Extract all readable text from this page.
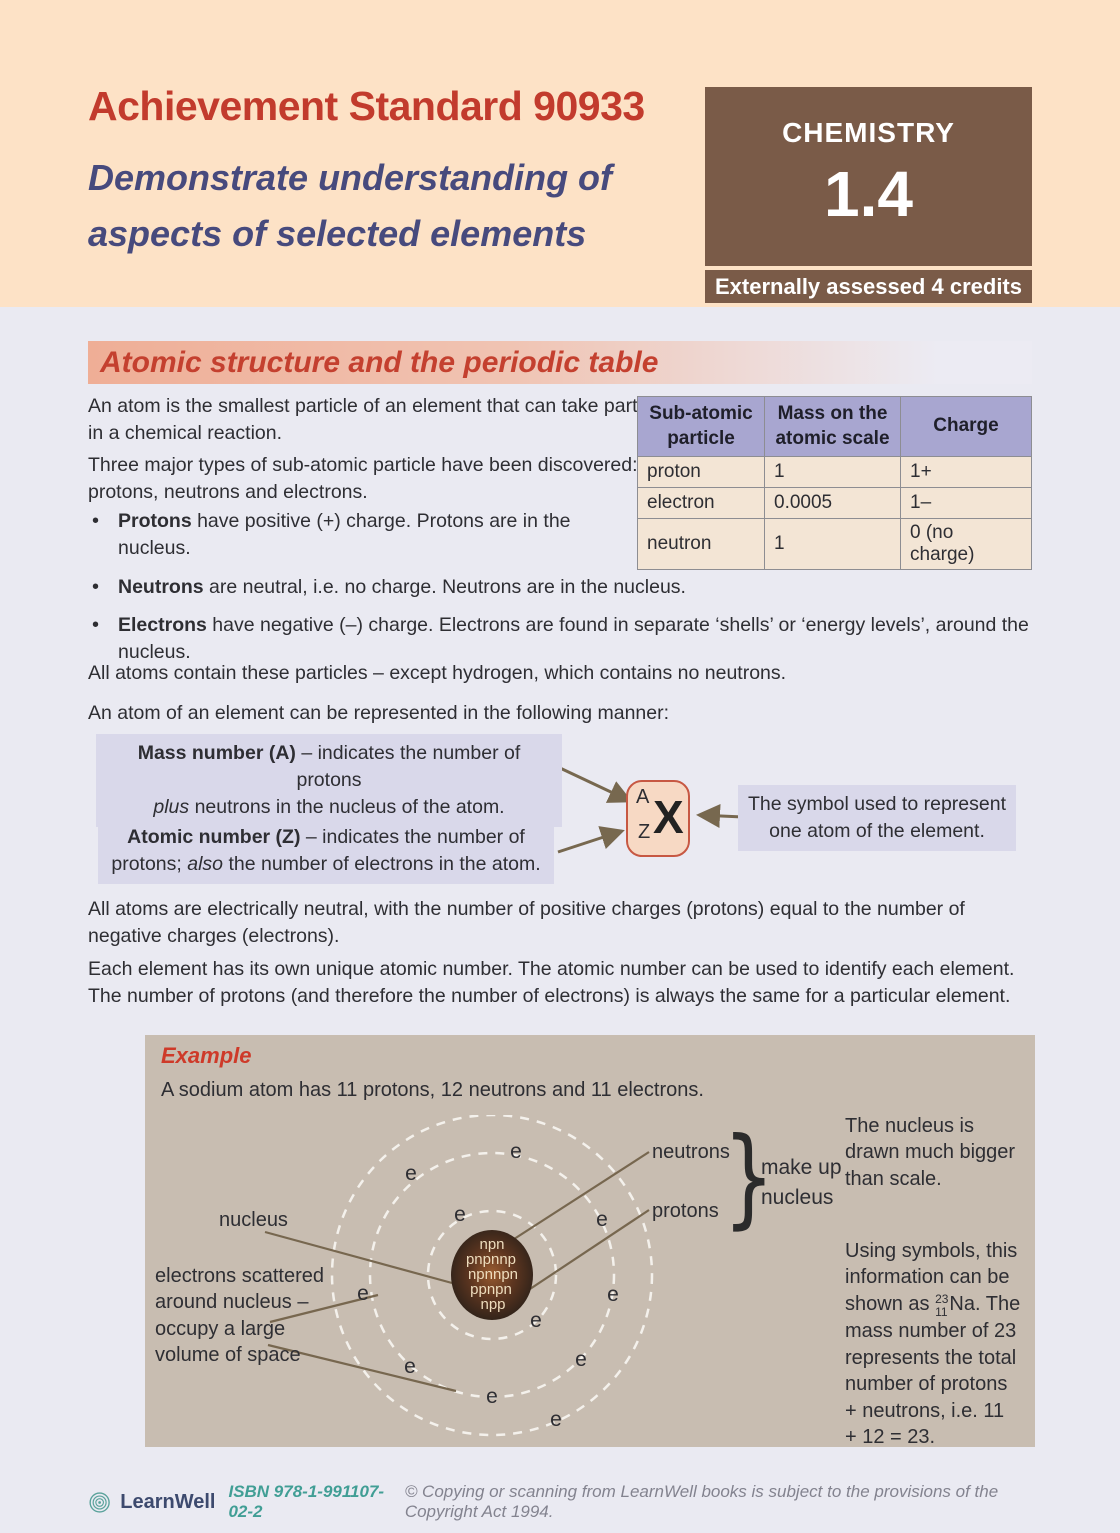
Achievement Standard 90933
Demonstrate understanding of
aspects of selected elements
CHEMISTRY
1.4
Externally assessed 4 credits
Atomic structure and the periodic table
An atom is the smallest particle of an element that can take part in a chemical reaction.
Three major types of sub-atomic particle have been discovered: protons, neutrons and electrons.
Sub-atomic particle	Mass on the atomic scale	Charge
proton	1	1+
electron	0.0005	1–
neutron	1	0 (no charge)
• Protons have positive (+) charge. Protons are in the nucleus.
• Neutrons are neutral, i.e. no charge. Neutrons are in the nucleus.
• Electrons have negative (–) charge. Electrons are found in separate ‘shells’ or ‘energy levels’, around the nucleus.
All atoms contain these particles – except hydrogen, which contains no neutrons.
An atom of an element can be represented in the following manner:
Mass number (A) – indicates the number of protons
plus neutrons in the nucleus of the atom.
Atomic number (Z) – indicates the number of
protons; also the number of electrons in the atom.
A
Z X	The symbol used to represent one atom of the element.
All atoms are electrically neutral, with the number of positive charges (protons) equal to the number of negative charges (electrons).
Each element has its own unique atomic number. The atomic number can be used to identify each element. The number of protons (and therefore the number of electrons) is always the same for a particular element.
Example
A sodium atom has 11 protons, 12 neutrons and 11 electrons.
npn
pnpnnp
npnnpn
ppnpn
npp
e
e
e	e
e	e
e
e	e
e
e
nucleus
electrons scattered around nucleus – occupy a large volume of space
neutrons
protons }
make up
nucleus
The nucleus is drawn much bigger than scale.
Using symbols, this information can be shown as 23
11 Na. The mass number of 23 represents the total number of protons + neutrons, i.e. 11 + 12 = 23.
LearnWell ISBN 978-1-991107-02-2
© Copying or scanning from LearnWell books is subject to the provisions of the Copyright Act 1994.
